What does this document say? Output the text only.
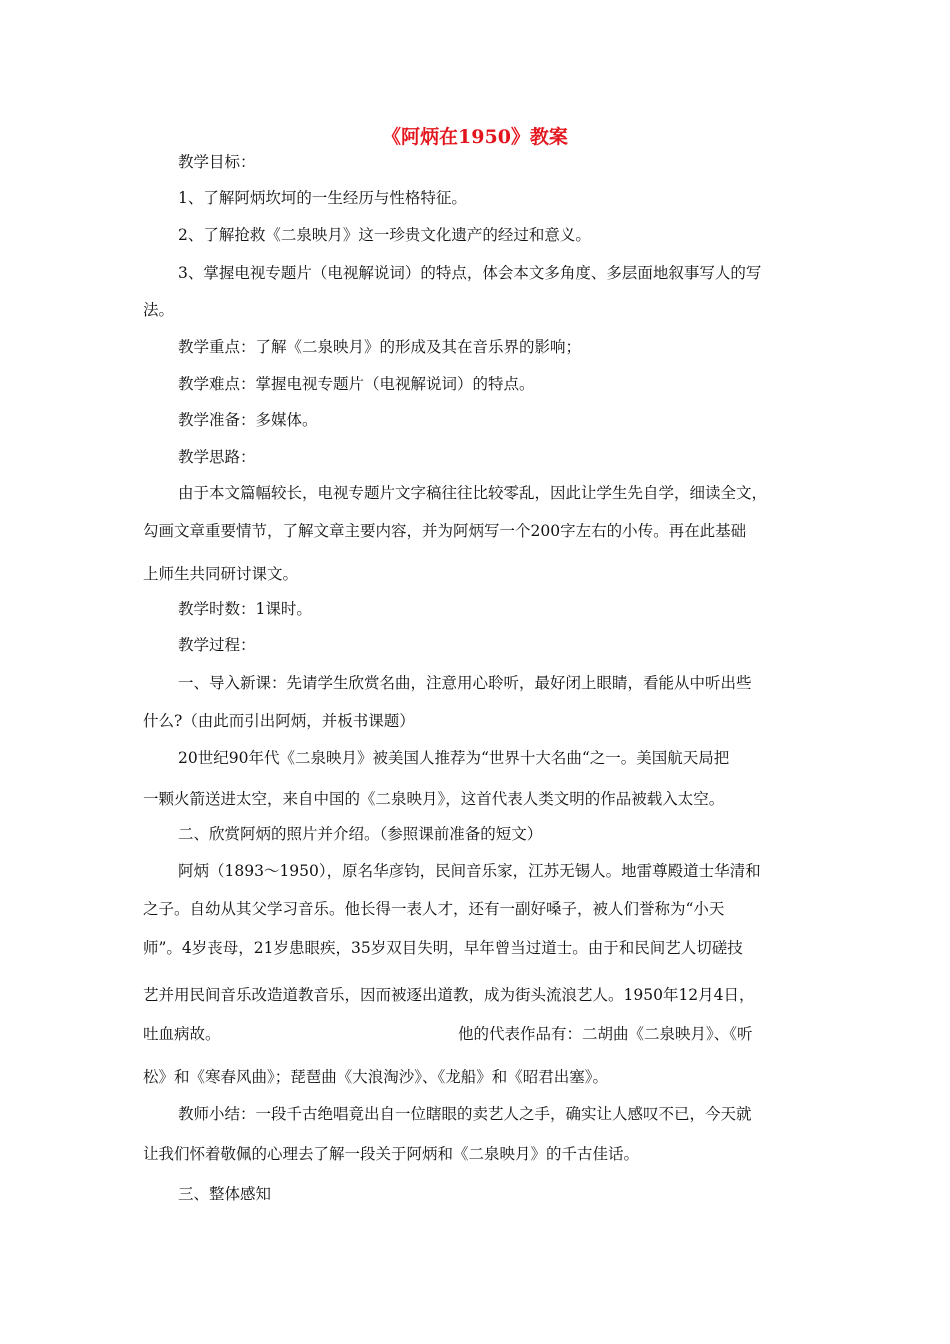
《阿炳在1950》教案
教学目标：
1、了解阿炳坎坷的一生经历与性格特征。
2、了解抢救《二泉映月》这一珍贵文化遗产的经过和意义。
3、掌握电视专题片（电视解说词）的特点，体会本文多角度、多层面地叙事写人的写
法。
教学重点：了解《二泉映月》的形成及其在音乐界的影响；
教学难点：掌握电视专题片（电视解说词）的特点。
教学准备：多媒体。
教学思路：
由于本文篇幅较长，电视专题片文字稿往往比较零乱，因此让学生先自学，细读全文，
勾画文章重要情节，了解文章主要内容，并为阿炳写一个200字左右的小传。再在此基础
上师生共同研讨课文。
教学时数：1课时。
教学过程：
一、导入新课：先请学生欣赏名曲，注意用心聆听，最好闭上眼睛，看能从中听出些
什么?（由此而引出阿炳，并板书课题）
20世纪90年代《二泉映月》被美国人推荐为“世界十大名曲“之一。美国航天局把
一颗火箭送进太空，来自中国的《二泉映月》，这首代表人类文明的作品被载入太空。
二、欣赏阿炳的照片并介绍。（参照课前准备的短文）
阿炳（1893～1950），原名华彦钧，民间音乐家，江苏无锡人。地雷尊殿道士华清和
之子。自幼从其父学习音乐。他长得一表人才，还有一副好嗓子，被人们誉称为“小天
师”。4岁丧母，21岁患眼疾，35岁双目失明，早年曾当过道士。由于和民间艺人切磋技
艺并用民间音乐改造道教音乐，因而被逐出道教，成为街头流浪艺人。1950年12月4日，
吐血病故。	他的代表作品有：二胡曲《二泉映月》、《听
松》和《寒春风曲》；琵琶曲《大浪淘沙》、《龙船》和《昭君出塞》。
教师小结：一段千古绝唱竟出自一位瞎眼的卖艺人之手，确实让人感叹不已，今天就
让我们怀着敬佩的心理去了解一段关于阿炳和《二泉映月》的千古佳话。
三、整体感知
